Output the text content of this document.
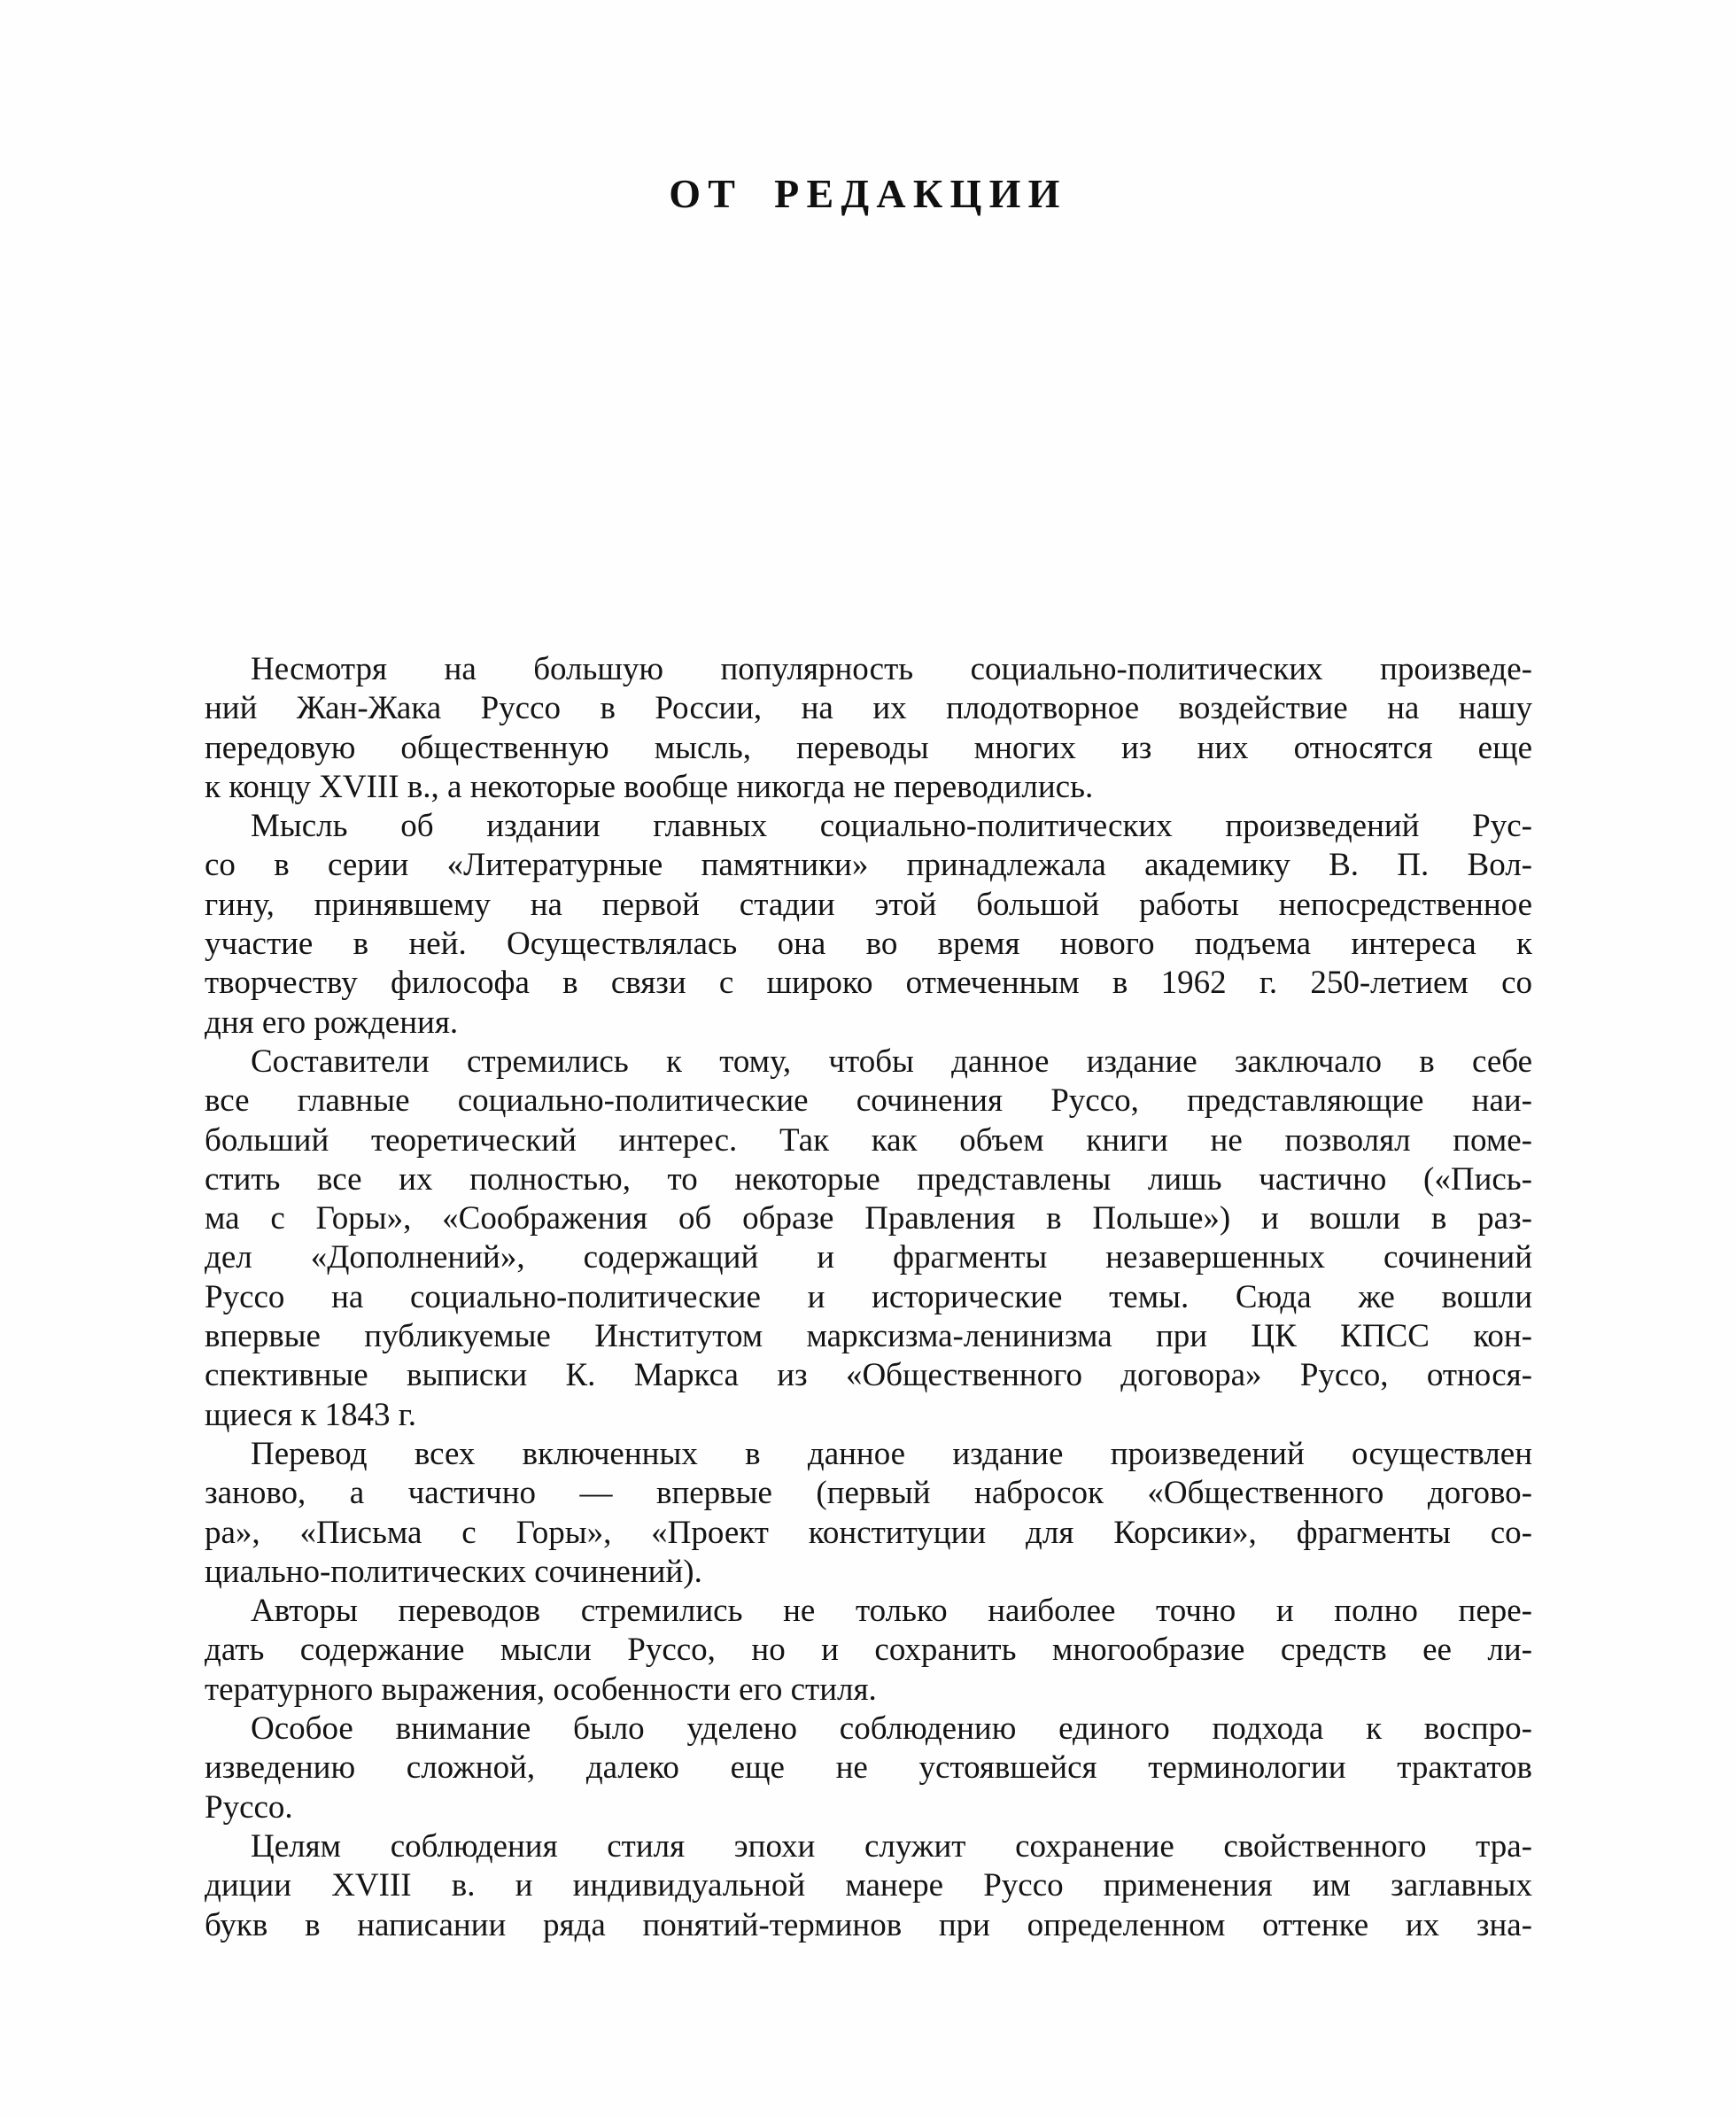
ОТ РЕДАКЦИИ
Несмотря на большую популярность социально-политических произведе-
ний Жан-Жака Руссо в России, на их плодотворное воздействие на нашу
передовую общественную мысль, переводы многих из них относятся еще
к концу XVIII в., а некоторые вообще никогда не переводились.
Мысль об издании главных социально-политических произведений Рус-
со в серии «Литературные памятники» принадлежала академику В. П. Вол-
гину, принявшему на первой стадии этой большой работы непосредственное
участие в ней. Осуществлялась она во время нового подъема интереса к
творчеству философа в связи с широко отмеченным в 1962 г. 250-летием со
дня его рождения.
Составители стремились к тому, чтобы данное издание заключало в себе
все главные социально-политические сочинения Руссо, представляющие наи-
больший теоретический интерес. Так как объем книги не позволял поме-
стить все их полностью, то некоторые представлены лишь частично («Пись-
ма с Горы», «Соображения об образе Правления в Польше») и вошли в раз-
дел «Дополнений», содержащий и фрагменты незавершенных сочинений
Руссо на социально-политические и исторические темы. Сюда же вошли
впервые публикуемые Институтом марксизма-ленинизма при ЦК КПСС кон-
спективные выписки К. Маркса из «Общественного договора» Руссо, относя-
щиеся к 1843 г.
Перевод всех включенных в данное издание произведений осуществлен
заново, а частично — впервые (первый набросок «Общественного догово-
ра», «Письма с Горы», «Проект конституции для Корсики», фрагменты со-
циально-политических сочинений).
Авторы переводов стремились не только наиболее точно и полно пере-
дать содержание мысли Руссо, но и сохранить многообразие средств ее ли-
тературного выражения, особенности его стиля.
Особое внимание было уделено соблюдению единого подхода к воспро-
изведению сложной, далеко еще не устоявшейся терминологии трактатов
Руссо.
Целям соблюдения стиля эпохи служит сохранение свойственного тра-
диции XVIII в. и индивидуальной манере Руссо применения им заглавных
букв в написании ряда понятий-терминов при определенном оттенке их зна-
